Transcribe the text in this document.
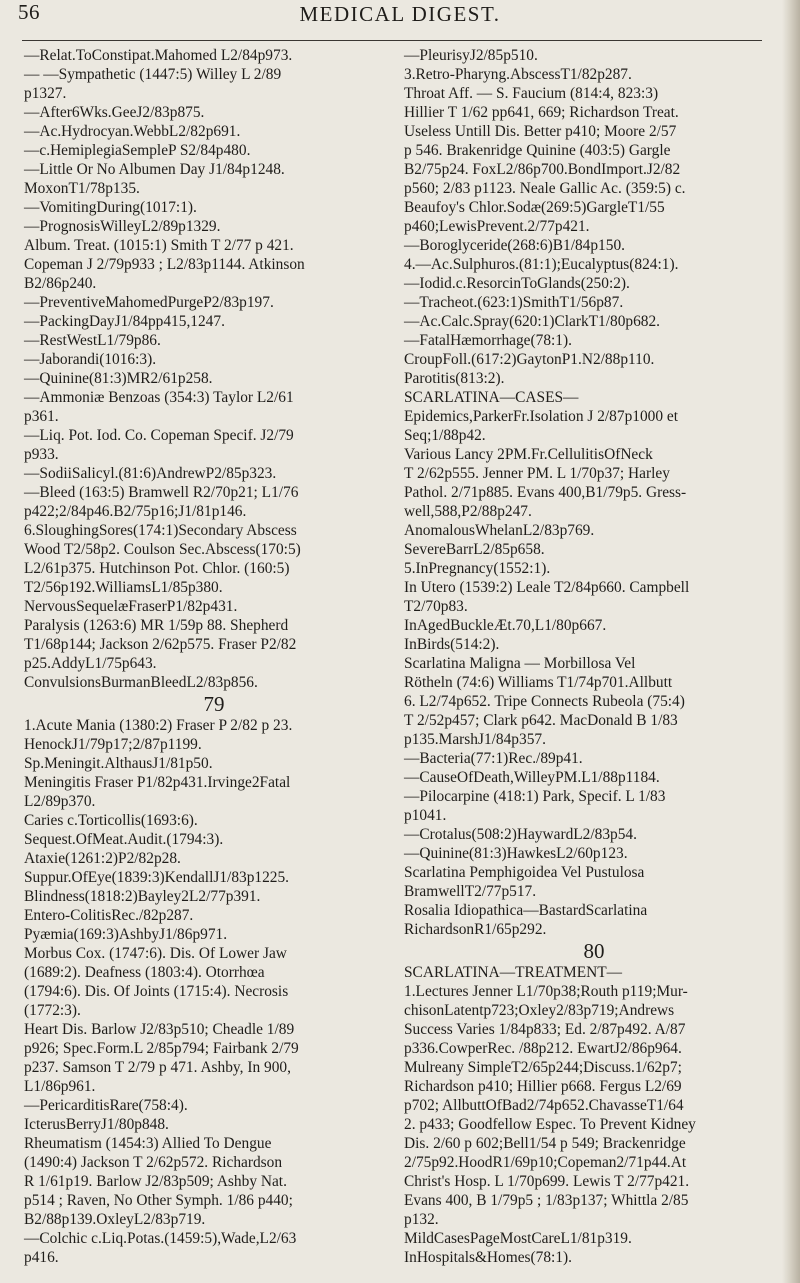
56	MEDICAL DIGEST.
—Relat.ToConstipat.Mahomed L2/84p973.
— —Sympathetic (1447:5) Willey L 2/89
p1327.
—After6Wks.GeeJ2/83p875.
—Ac.Hydrocyan.WebbL2/82p691.
—c.HemiplegiaSempleP S2/84p480.
—Little Or No Albumen Day J1/84p1248.
MoxonT1/78p135.
—VomitingDuring(1017:1).
—PrognosisWilleyL2/89p1329.
Album. Treat. (1015:1) Smith T 2/77 p 421.
Copeman J 2/79p933 ; L2/83p1144. Atkinson
B2/86p240.
—PreventiveMahomedPurgeP2/83p197.
—PackingDayJ1/84pp415,1247.
—RestWestL1/79p86.
—Jaborandi(1016:3).
—Quinine(81:3)MR2/61p258.
—Ammoniæ Benzoas (354:3) Taylor L2/61
p361.
—Liq. Pot. Iod. Co. Copeman Specif. J2/79
p933.
—SodiiSalicyl.(81:6)AndrewP2/85p323.
—Bleed (163:5) Bramwell R2/70p21; L1/76
p422;2/84p46.B2/75p16;J1/81p146.
6.SloughingSores(174:1)Secondary Abscess
Wood T2/58p2. Coulson Sec.Abscess(170:5)
L2/61p375. Hutchinson Pot. Chlor. (160:5)
T2/56p192.WilliamsL1/85p380.
NervousSequelæFraserP1/82p431.
Paralysis (1263:6) MR 1/59p 88. Shepherd
T1/68p144; Jackson 2/62p575. Fraser P2/82
p25.AddyL1/75p643.
ConvulsionsBurmanBleedL2/83p856.
79
1.Acute Mania (1380:2) Fraser P 2/82 p 23.
HenockJ1/79p17;2/87p1199.
Sp.Meningit.AlthausJ1/81p50.
Meningitis Fraser P1/82p431.Irvinge2Fatal
L2/89p370.
Caries c.Torticollis(1693:6).
Sequest.OfMeat.Audit.(1794:3).
Ataxie(1261:2)P2/82p28.
Suppur.OfEye(1839:3)KendallJ1/83p1225.
Blindness(1818:2)Bayley2L2/77p391.
Entero-ColitisRec./82p287.
Pyæmia(169:3)AshbyJ1/86p971.
Morbus Cox. (1747:6). Dis. Of Lower Jaw
(1689:2). Deafness (1803:4). Otorrhœa
(1794:6). Dis. Of Joints (1715:4). Necrosis
(1772:3).
Heart Dis. Barlow J2/83p510; Cheadle 1/89
p926; Spec.Form.L 2/85p794; Fairbank 2/79
p237. Samson T 2/79 p 471. Ashby, In 900,
L1/86p961.
—PericarditisRare(758:4).
IcterusBerryJ1/80p848.
Rheumatism (1454:3) Allied To Dengue
(1490:4) Jackson T 2/62p572. Richardson
R 1/61p19. Barlow J2/83p509; Ashby Nat.
p514 ; Raven, No Other Symph. 1/86 p440;
B2/88p139.OxleyL2/83p719.
—Colchic c.Liq.Potas.(1459:5),Wade,L2/63
p416.
—PleurisyJ2/85p510.
3.Retro-Pharyng.AbscessT1/82p287.
Throat Aff. — S. Faucium (814:4, 823:3)
Hillier T 1/62 pp641, 669; Richardson Treat.
Useless Untill Dis. Better p410; Moore 2/57
p 546. Brakenridge Quinine (403:5) Gargle
B2/75p24. FoxL2/86p700.BondImport.J2/82
p560; 2/83 p1123. Neale Gallic Ac. (359:5) c.
Beaufoy's Chlor.Sodæ(269:5)GargleT1/55
p460;LewisPrevent.2/77p421.
—Boroglyceride(268:6)B1/84p150.
4.—Ac.Sulphuros.(81:1);Eucalyptus(824:1).
—Iodid.c.ResorcinToGlands(250:2).
—Tracheot.(623:1)SmithT1/56p87.
—Ac.Calc.Spray(620:1)ClarkT1/80p682.
—FatalHæmorrhage(78:1).
CroupFoll.(617:2)GaytonP1.N2/88p110.
Parotitis(813:2).
SCARLATINA—CASES—
Epidemics,ParkerFr.Isolation J 2/87p1000 et
Seq;1/88p42.
Various Lancy 2PM.Fr.CellulitisOfNeck
T 2/62p555. Jenner PM. L 1/70p37; Harley
Pathol. 2/71p885. Evans 400,B1/79p5. Gress-
well,588,P2/88p247.
AnomalousWhelanL2/83p769.
SevereBarrL2/85p658.
5.InPregnancy(1552:1).
In Utero (1539:2) Leale T2/84p660. Campbell
T2/70p83.
InAgedBuckleÆt.70,L1/80p667.
InBirds(514:2).
Scarlatina Maligna — Morbillosa Vel
Rötheln (74:6) Williams T1/74p701.Allbutt
6. L2/74p652. Tripe Connects Rubeola (75:4)
T 2/52p457; Clark p642. MacDonald B 1/83
p135.MarshJ1/84p357.
—Bacteria(77:1)Rec./89p41.
—CauseOfDeath,WilleyPM.L1/88p1184.
—Pilocarpine (418:1) Park, Specif. L 1/83
p1041.
—Crotalus(508:2)HaywardL2/83p54.
—Quinine(81:3)HawkesL2/60p123.
Scarlatina Pemphigoidea Vel Pustulosa
BramwellT2/77p517.
Rosalia Idiopathica—BastardScarlatina
RichardsonR1/65p292.
80
SCARLATINA—TREATMENT—
1.Lectures Jenner L1/70p38;Routh p119;Mur-
chisonLatentp723;Oxley2/83p719;Andrews
Success Varies 1/84p833; Ed. 2/87p492. A/87
p336.CowperRec. /88p212. EwartJ2/86p964.
Mulreany SimpleT2/65p244;Discuss.1/62p7;
Richardson p410; Hillier p668. Fergus L2/69
p702; AllbuttOfBad2/74p652.ChavasseT1/64
2. p433; Goodfellow Espec. To Prevent Kidney
Dis. 2/60 p 602;Bell1/54 p 549; Brackenridge
2/75p92.HoodR1/69p10;Copeman2/71p44.At
Christ's Hosp. L 1/70p699. Lewis T 2/77p421.
Evans 400, B 1/79p5 ; 1/83p137; Whittla 2/85
p132.
MildCasesPageMostCareL1/81p319.
InHospitals&Homes(78:1).
